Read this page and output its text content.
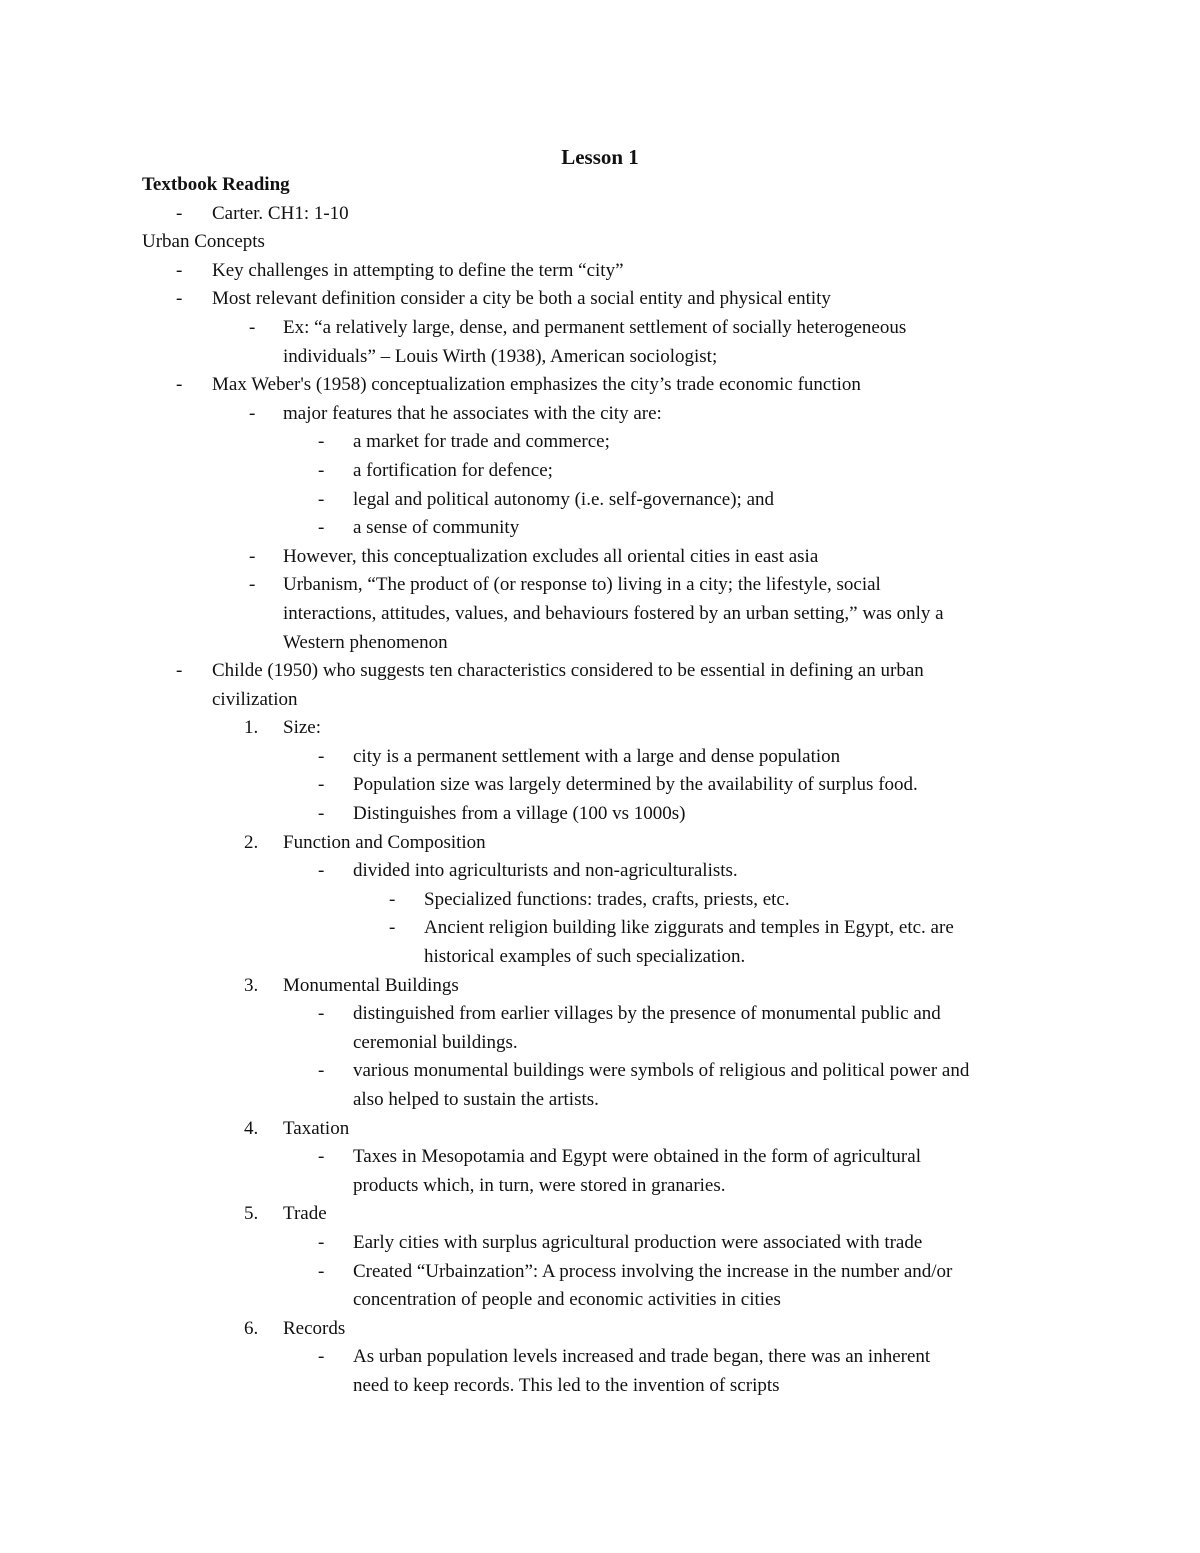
Lesson 1
Textbook Reading
- Carter. CH1: 1-10
Urban Concepts
- Key challenges in attempting to define the term “city”
- Most relevant definition consider a city be both a social entity and physical entity
- Ex: “a relatively large, dense, and permanent settlement of socially heterogeneous
individuals” – Louis Wirth (1938), American sociologist;
- Max Weber's (1958) conceptualization emphasizes the city’s trade economic function
- major features that he associates with the city are:
- a market for trade and commerce;
- a fortification for defence;
- legal and political autonomy (i.e. self-governance); and
- a sense of community
- However, this conceptualization excludes all oriental cities in east asia
- Urbanism, “The product of (or response to) living in a city; the lifestyle, social
interactions, attitudes, values, and behaviours fostered by an urban setting,” was only a
Western phenomenon
- Childe (1950) who suggests ten characteristics considered to be essential in defining an urban
civilization
1. Size:
- city is a permanent settlement with a large and dense population
- Population size was largely determined by the availability of surplus food.
- Distinguishes from a village (100 vs 1000s)
2. Function and Composition
- divided into agriculturists and non-agriculturalists.
- Specialized functions: trades, crafts, priests, etc.
- Ancient religion building like ziggurats and temples in Egypt, etc. are
historical examples of such specialization.
3. Monumental Buildings
- distinguished from earlier villages by the presence of monumental public and
ceremonial buildings.
- various monumental buildings were symbols of religious and political power and
also helped to sustain the artists.
4. Taxation
- Taxes in Mesopotamia and Egypt were obtained in the form of agricultural
products which, in turn, were stored in granaries.
5. Trade
- Early cities with surplus agricultural production were associated with trade
- Created “Urbainzation”: A process involving the increase in the number and/or
concentration of people and economic activities in cities
6. Records
- As urban population levels increased and trade began, there was an inherent
need to keep records. This led to the invention of scripts
